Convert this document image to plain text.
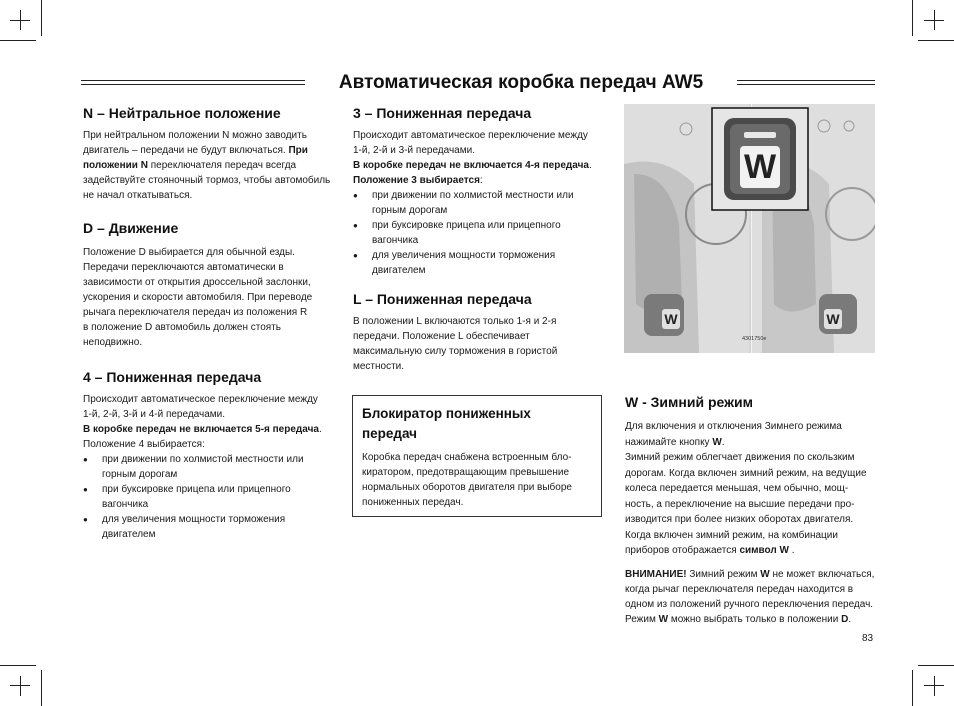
Автоматическая коробка передач AW5
N – Нейтральное положение

При нейтральном положении N можно заводить

двигатель – передачи не будут включаться. При

положении N переключателя передач всегда

задействуйте стояночный тормоз, чтобы автомобиль

не начал откатываться.

D – Движение

Положение D выбирается для обычной езды.

Передачи переключаются автоматически в

зависимости от открытия дроссельной заслонки,

ускорения и скорости автомобиля. При переводе

рычага переключателя передач из положения R

в положение D автомобиль должен стоять

неподвижно.

4 – Пониженная передача

Происходит автоматическое переключение между

1-й, 2-й, 3-й и 4-й передачами.

В коробке передач не включается 5-я передача.

Положение 4 выбирается:

● при движении по холмистой местности или
горным дорогам
● при буксировке прицепа или прицепного
вагончика
● для увеличения мощности торможения
двигателем
3 – Пониженная передача

Происходит автоматическое переключение между

1-й, 2-й и 3-й передачами.

В коробке передач не включается 4-я передача.

Положение 3 выбирается:

● при движении по холмистой местности или
горным дорогам
● при буксировке прицепа или прицепного
вагончика
● для увеличения мощности торможения
двигателем
L – Пониженная передача

В положении L включаются только 1-я и 2-я

передачи. Положение L обеспечивает

максимальную силу торможения в гористой

местности.

Блокиратор пониженных
передач

Коробка передач снабжена встроенным бло-

киратором, предотвращающим превышение

нормальных оборотов двигателя при выборе

пониженных передач.

W
W	W
4301750e
W - Зимний режим

Для включения и отключения Зимнего режима

нажимайте кнопку W.

Зимний режим облегчает движения по скользким

дорогам. Когда включен зимний режим, на ведущие

колеса передается меньшая, чем обычно, мощ-

ность, а переключение на высшие передачи про-

изводится при более низких оборотах двигателя.

Когда включен зимний режим, на комбинации

приборов отображается символ W .

ВНИМАНИЕ! Зимний режим W не может включаться,

когда рычаг переключателя передач находится в

одном из положений ручного переключения передач.

Режим W можно выбрать только в положении D.

83
